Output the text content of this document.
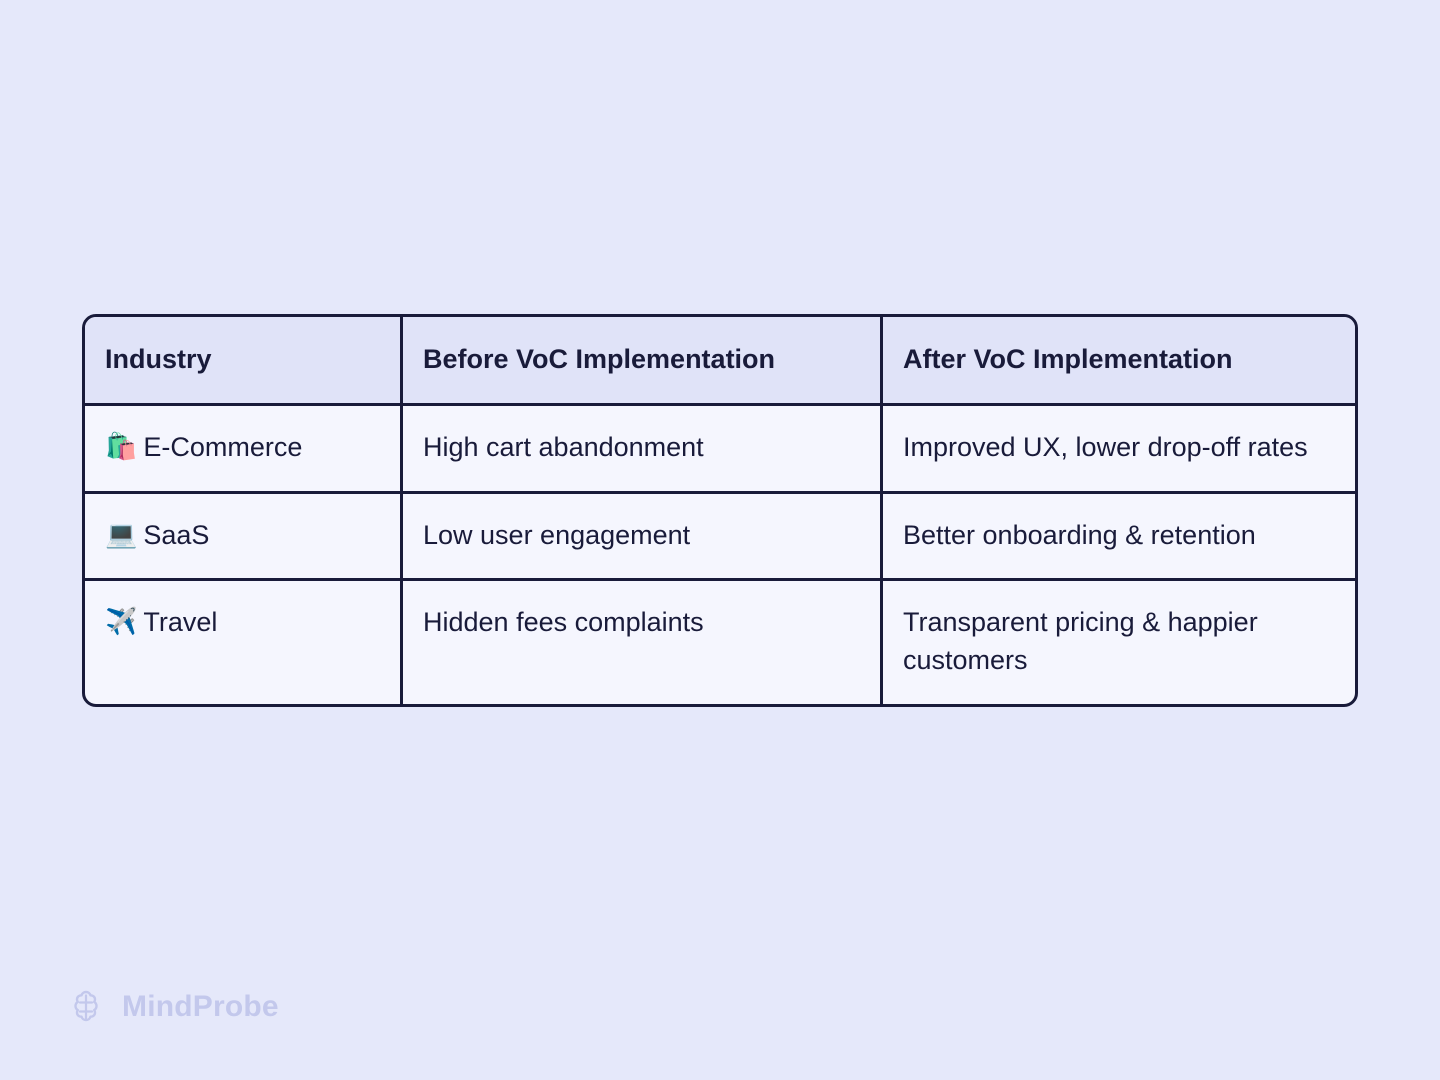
Industry	Before VoC Implementation	After VoC Implementation
🛍️ E-Commerce	High cart abandonment	Improved UX, lower drop-off rates
💻 SaaS	Low user engagement	Better onboarding & retention
✈️ Travel	Hidden fees complaints	Transparent pricing & happier customers
MindProbe
